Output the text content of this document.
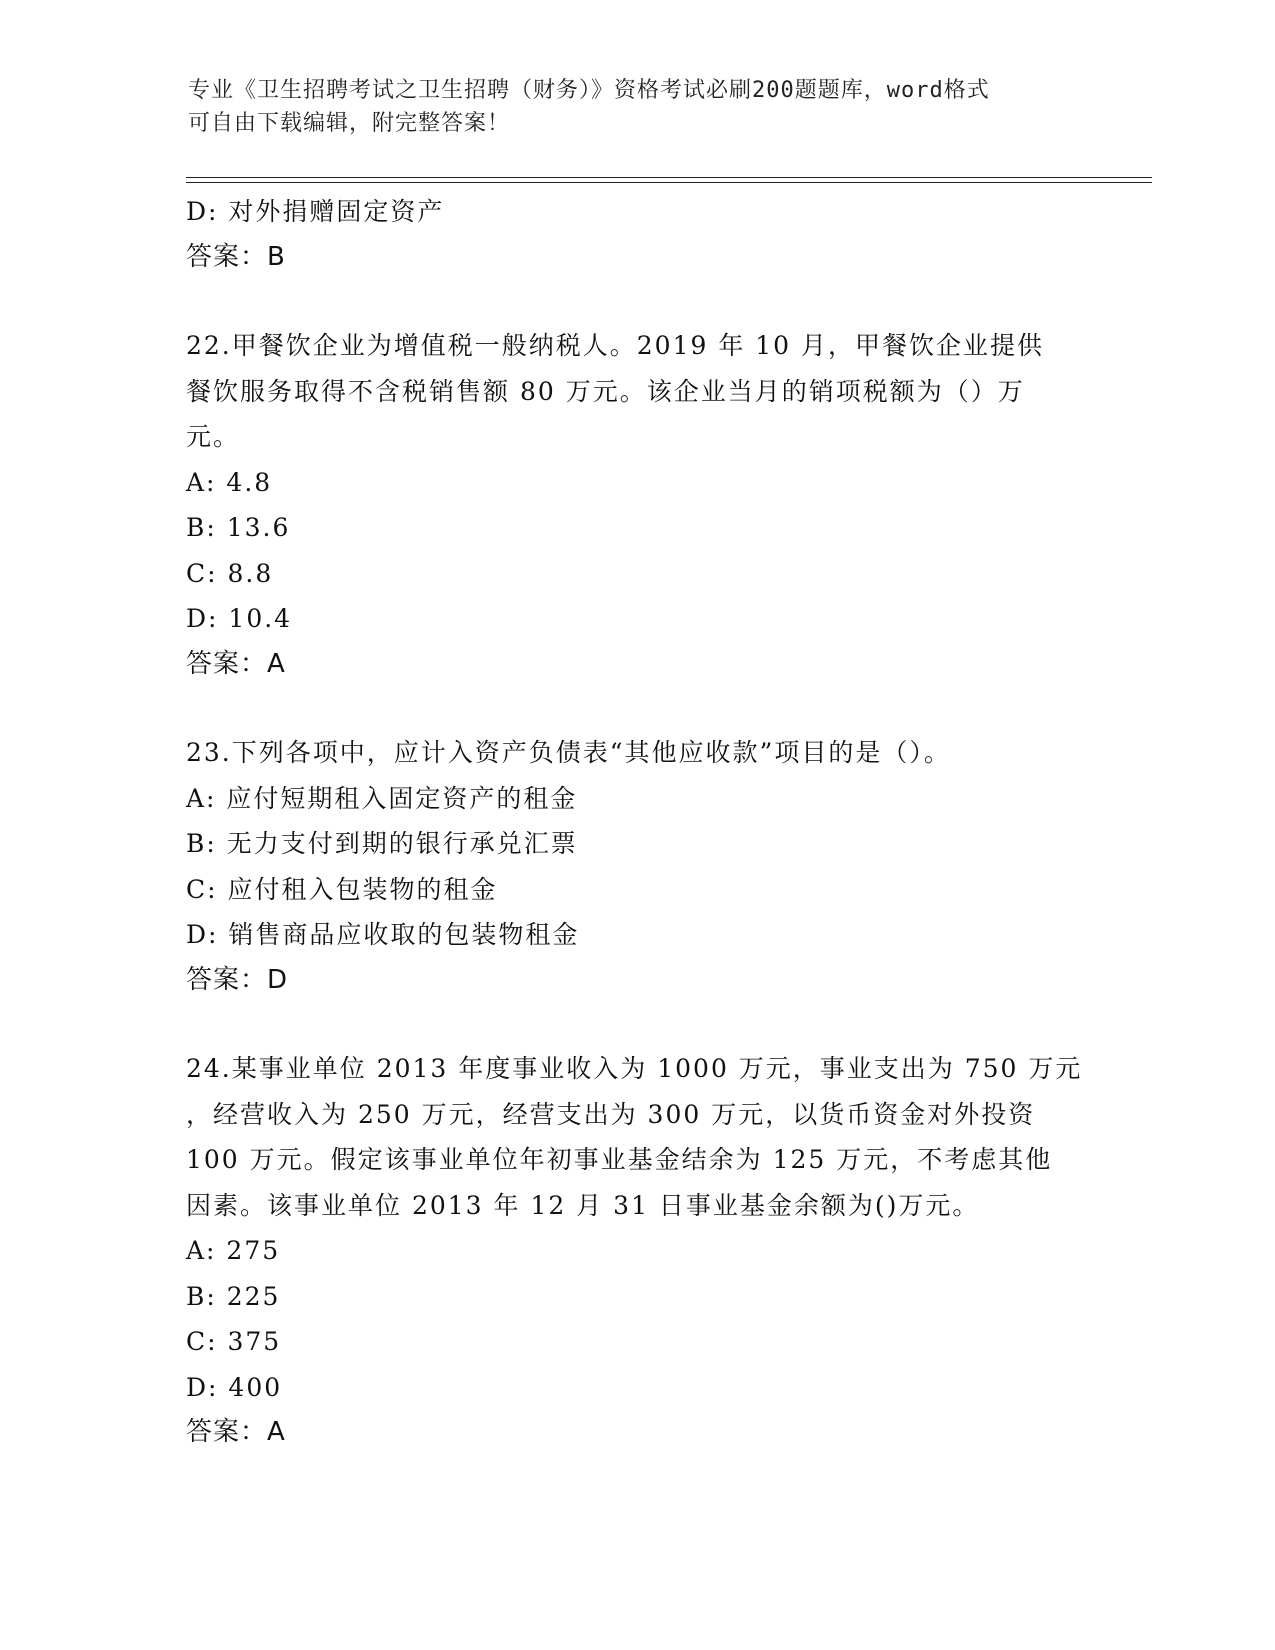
专业《卫生招聘考试之卫生招聘（财务）》资格考试必刷200题题库，word格式
可自由下载编辑，附完整答案！
D: 对外捐赠固定资产
答案：B
22.甲餐饮企业为增值税一般纳税人。2019 年 10 月，甲餐饮企业提供
餐饮服务取得不含税销售额 80 万元。该企业当月的销项税额为（）万
元。
A: 4.8
B: 13.6
C: 8.8
D: 10.4
答案：A
23.下列各项中，应计入资产负债表“其他应收款”项目的是（）。
A: 应付短期租入固定资产的租金
B: 无力支付到期的银行承兑汇票
C: 应付租入包装物的租金
D: 销售商品应收取的包装物租金
答案：D
24.某事业单位 2013 年度事业收入为 1000 万元，事业支出为 750 万元
，经营收入为 250 万元，经营支出为 300 万元，以货币资金对外投资
100 万元。假定该事业单位年初事业基金结余为 125 万元，不考虑其他
因素。该事业单位 2013 年 12 月 31 日事业基金余额为()万元。
A: 275
B: 225
C: 375
D: 400
答案：A
